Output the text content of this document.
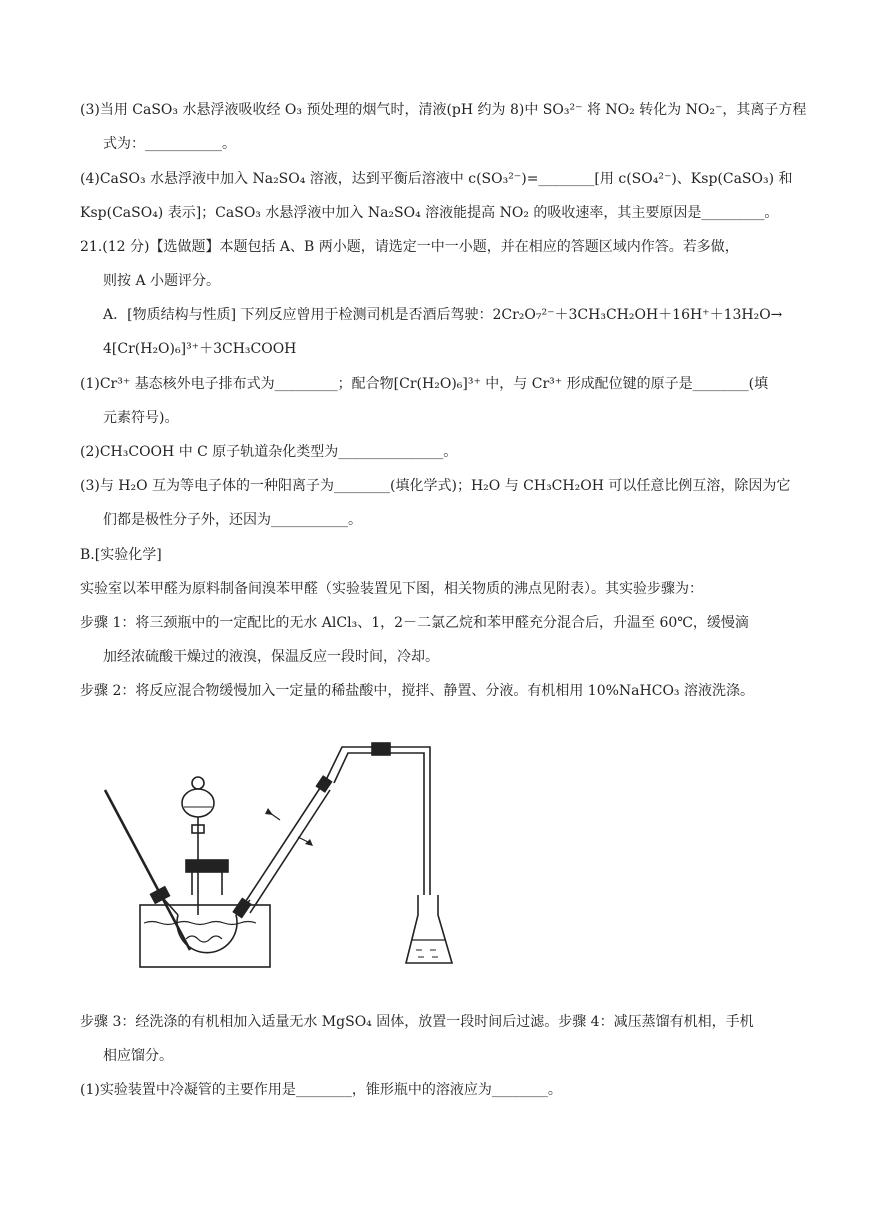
(3)当用 CaSO₃ 水悬浮液吸收经 O₃ 预处理的烟气时，清液(pH 约为 8)中 SO₃²⁻ 将 NO₂ 转化为 NO₂⁻，其离子方程
式为：___________。
(4)CaSO₃ 水悬浮液中加入 Na₂SO₄ 溶液，达到平衡后溶液中 c(SO₃²⁻)=________[用 c(SO₄²⁻)、Ksp(CaSO₃) 和
Ksp(CaSO₄) 表示]；CaSO₃ 水悬浮液中加入 Na₂SO₄ 溶液能提高 NO₂ 的吸收速率，其主要原因是_________。
21.(12 分)【选做题】本题包括 A、B 两小题，请选定一中一小题，并在相应的答题区域内作答。若多做，
则按 A 小题评分。
A．[物质结构与性质] 下列反应曾用于检测司机是否酒后驾驶：2Cr₂O₇²⁻＋3CH₃CH₂OH＋16H⁺＋13H₂O→
4[Cr(H₂O)₆]³⁺＋3CH₃COOH
(1)Cr³⁺ 基态核外电子排布式为_________；配合物[Cr(H₂O)₆]³⁺ 中，与 Cr³⁺ 形成配位键的原子是________(填
元素符号)。
(2)CH₃COOH 中 C 原子轨道杂化类型为_______________。
(3)与 H₂O 互为等电子体的一种阳离子为________(填化学式)；H₂O 与 CH₃CH₂OH 可以任意比例互溶，除因为它
们都是极性分子外，还因为___________。
B.[实验化学]
实验室以苯甲醛为原料制备间溴苯甲醛（实验装置见下图，相关物质的沸点见附表）。其实验步骤为：
步骤 1：将三颈瓶中的一定配比的无水 AlCl₃、1，2－二氯乙烷和苯甲醛充分混合后，升温至 60℃，缓慢滴
加经浓硫酸干燥过的液溴，保温反应一段时间，冷却。
步骤 2：将反应混合物缓慢加入一定量的稀盐酸中，搅拌、静置、分液。有机相用 10%NaHCO₃ 溶液洗涤。
步骤 3：经洗涤的有机相加入适量无水 MgSO₄ 固体，放置一段时间后过滤。步骤 4：减压蒸馏有机相，手机
相应馏分。
(1)实验装置中冷凝管的主要作用是________，锥形瓶中的溶液应为________。
